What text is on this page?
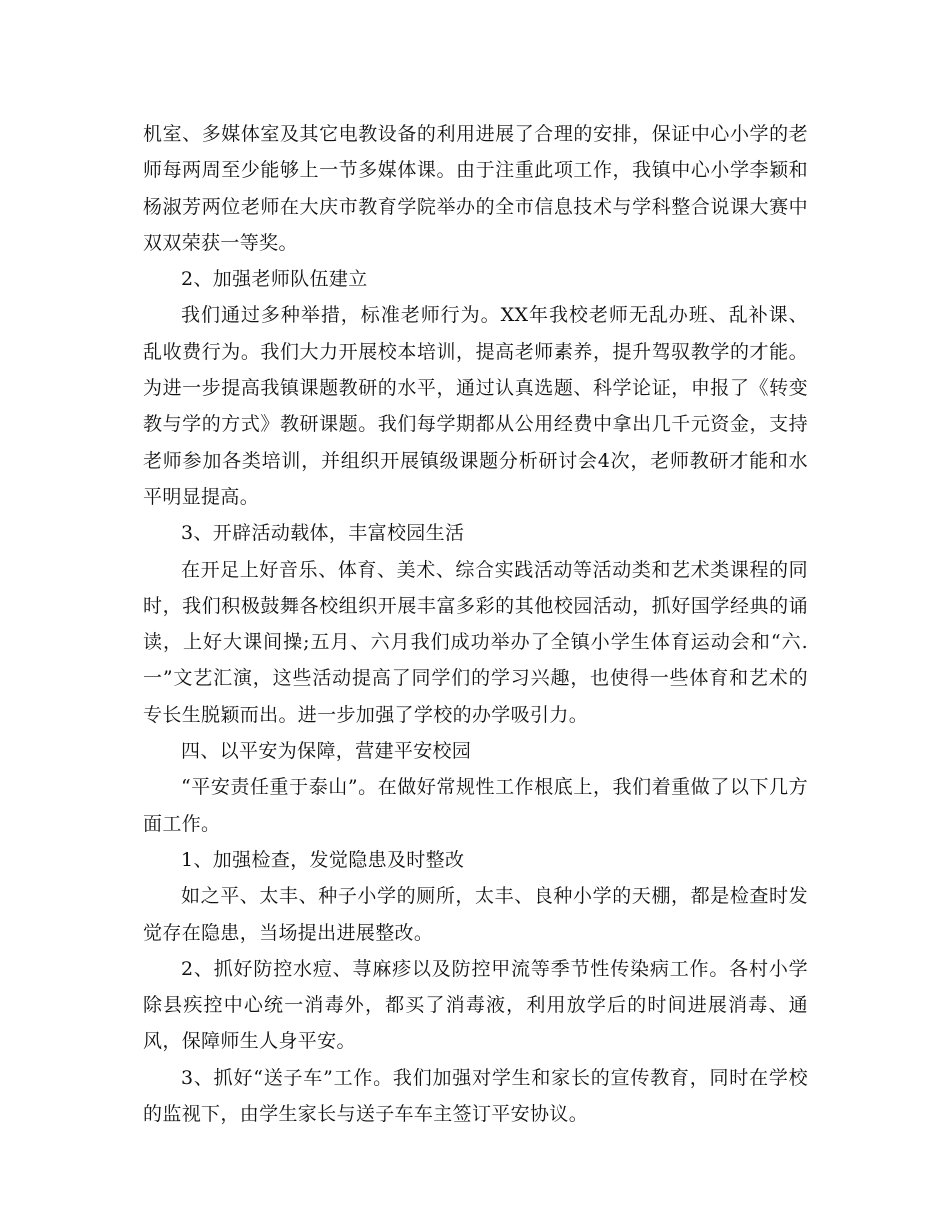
机室、多媒体室及其它电教设备的利用进展了合理的安排，保证中心小学的老师每两周至少能够上一节多媒体课。由于注重此项工作，我镇中心小学李颖和杨淑芳两位老师在大庆市教育学院举办的全市信息技术与学科整合说课大赛中双双荣获一等奖。

2、加强老师队伍建立

我们通过多种举措，标准老师行为。XX年我校老师无乱办班、乱补课、乱收费行为。我们大力开展校本培训，提高老师素养，提升驾驭教学的才能。为进一步提高我镇课题教研的水平，通过认真选题、科学论证，申报了《转变教与学的方式》教研课题。我们每学期都从公用经费中拿出几千元资金，支持老师参加各类培训，并组织开展镇级课题分析研讨会4次，老师教研才能和水平明显提高。

3、开辟活动载体，丰富校园生活

在开足上好音乐、体育、美术、综合实践活动等活动类和艺术类课程的同时，我们积极鼓舞各校组织开展丰富多彩的其他校园活动，抓好国学经典的诵读，上好大课间操;五月、六月我们成功举办了全镇小学生体育运动会和“六.一”文艺汇演，这些活动提高了同学们的学习兴趣，也使得一些体育和艺术的专长生脱颖而出。进一步加强了学校的办学吸引力。

四、以平安为保障，营建平安校园

“平安责任重于泰山”。在做好常规性工作根底上，我们着重做了以下几方面工作。

1、加强检查，发觉隐患及时整改

如之平、太丰、种子小学的厕所，太丰、良种小学的天棚，都是检查时发觉存在隐患，当场提出进展整改。

2、抓好防控水痘、荨麻疹以及防控甲流等季节性传染病工作。各村小学除县疾控中心统一消毒外，都买了消毒液，利用放学后的时间进展消毒、通风，保障师生人身平安。

3、抓好“送子车”工作。我们加强对学生和家长的宣传教育，同时在学校的监视下，由学生家长与送子车车主签订平安协议。
